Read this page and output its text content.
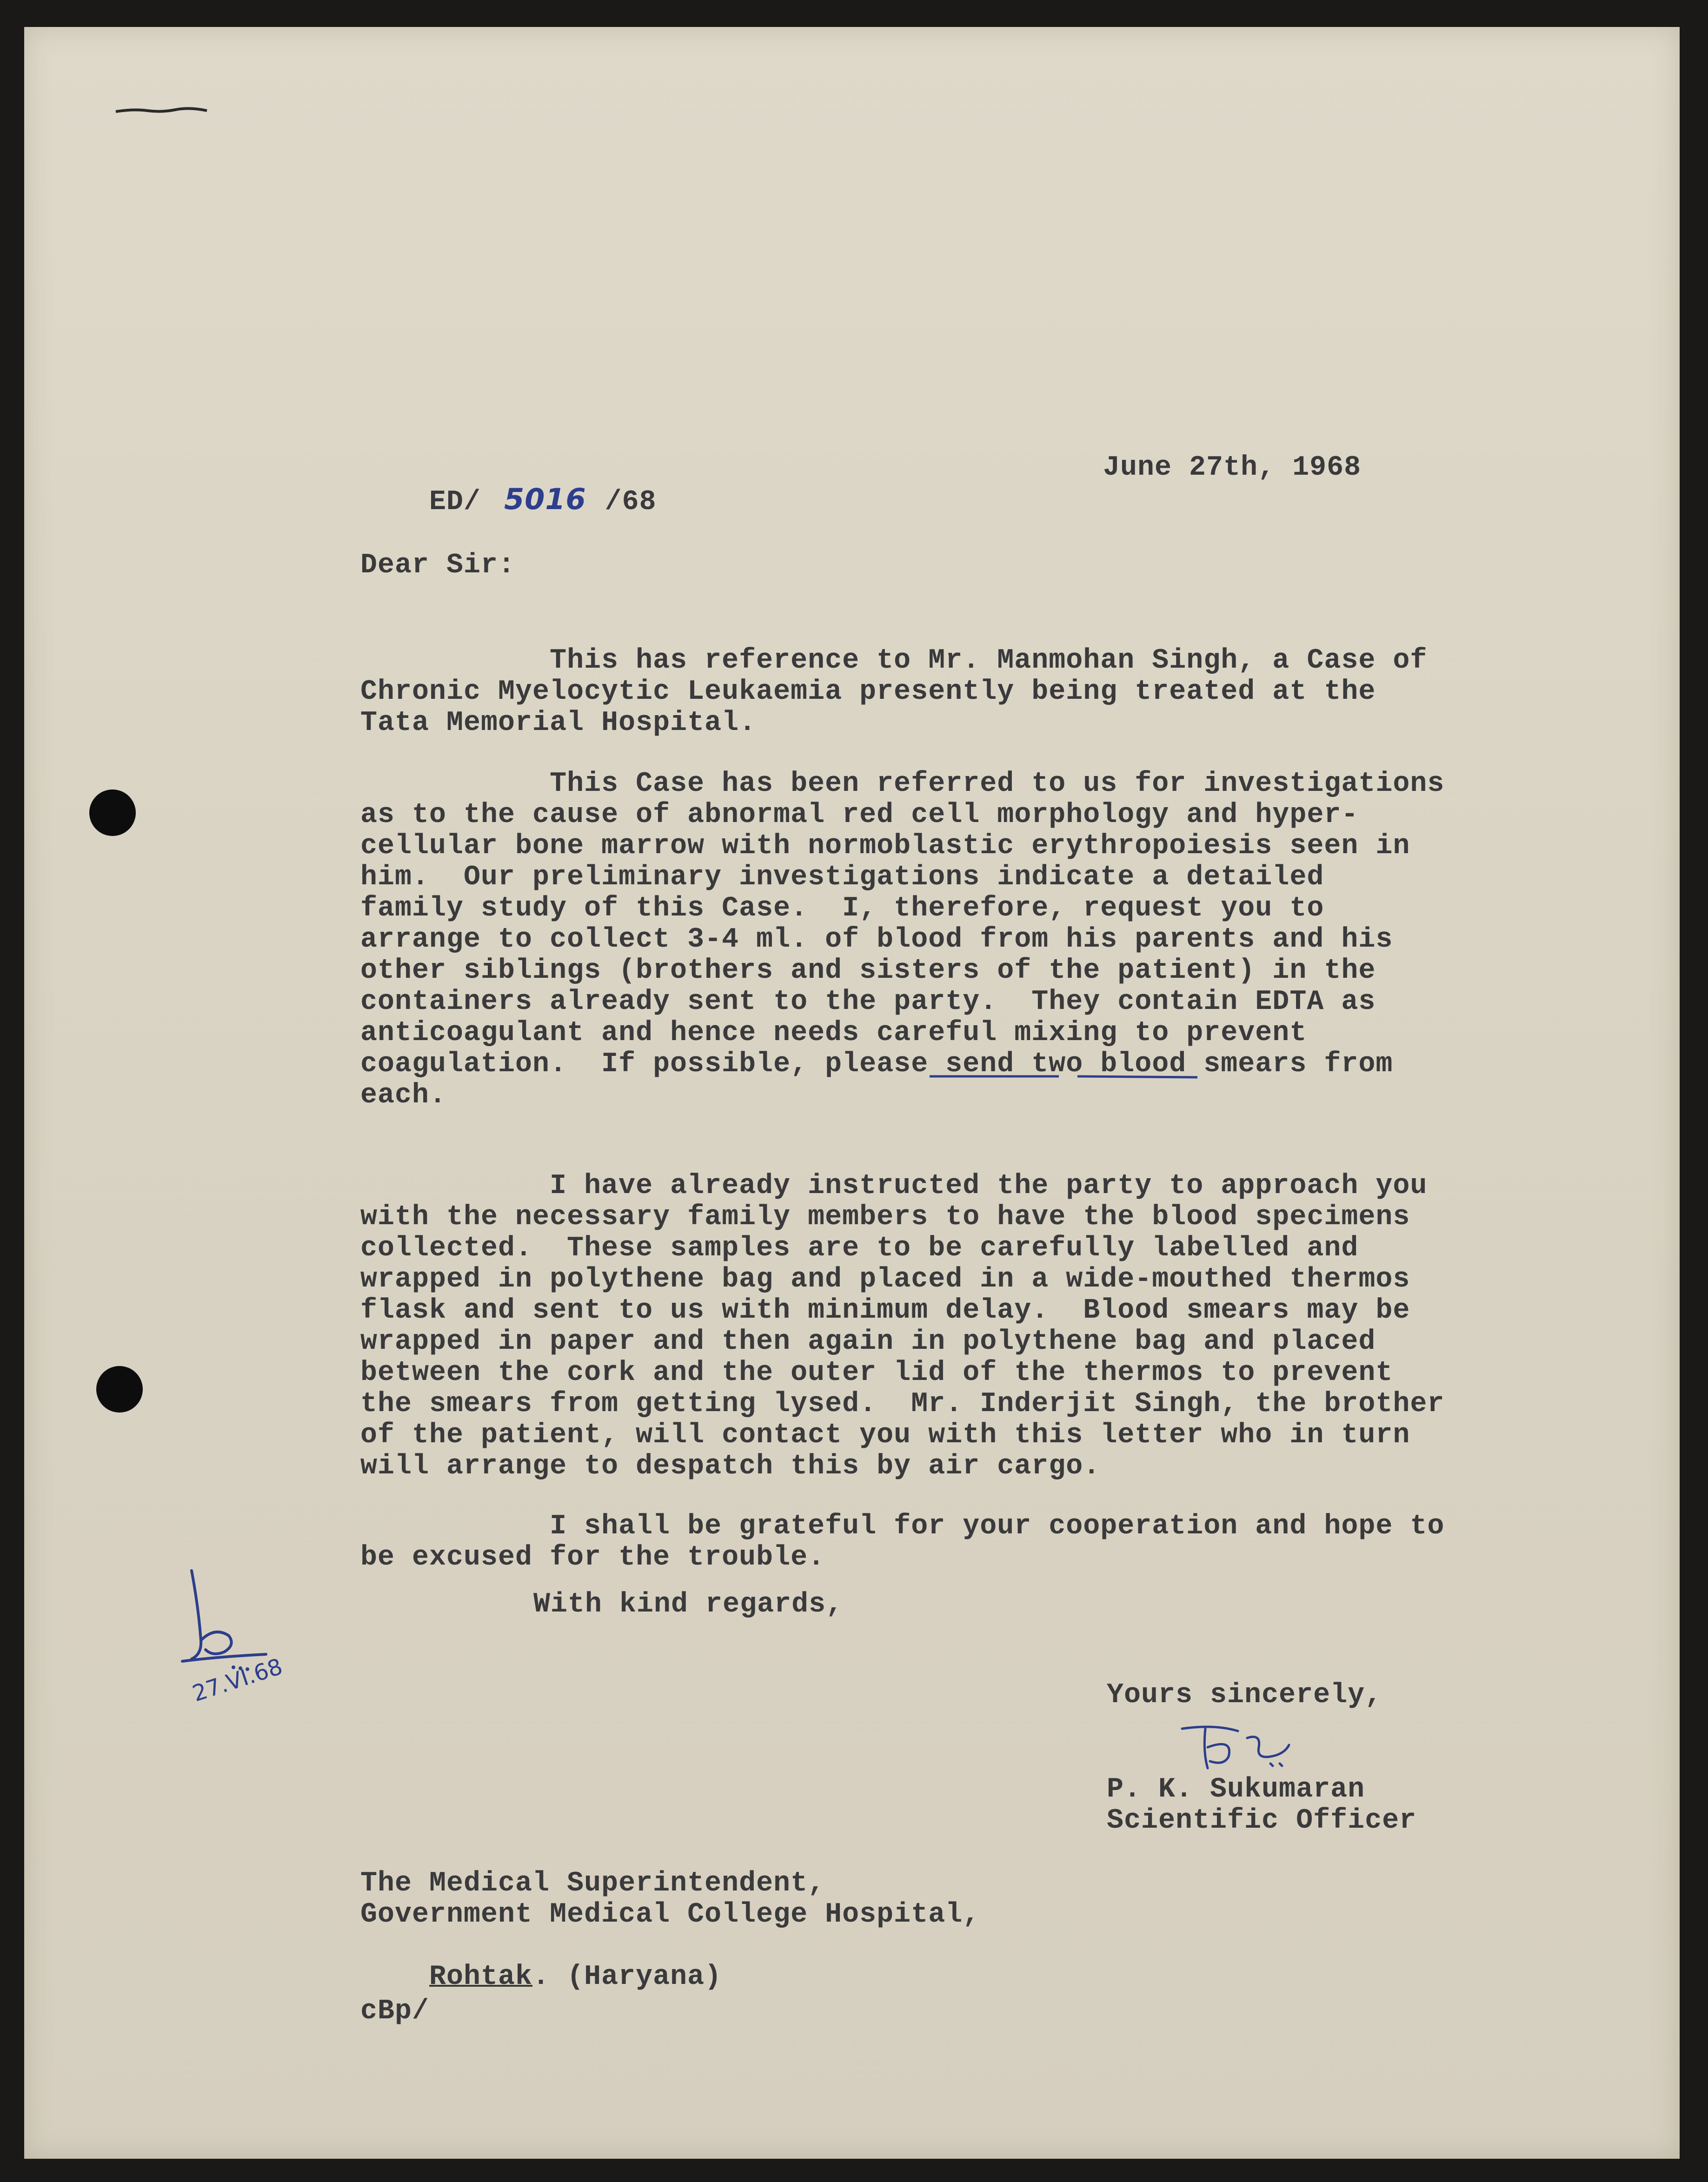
ED/ 5016 /68

June 27th, 1968
Dear Sir:
This has reference to Mr. Manmohan Singh, a Case of
Chronic Myelocytic Leukaemia presently being treated at the
Tata Memorial Hospital.
This Case has been referred to us for investigations
as to the cause of abnormal red cell morphology and hyper-
cellular bone marrow with normoblastic erythropoiesis seen in
him.  Our preliminary investigations indicate a detailed
family study of this Case.  I, therefore, request you to
arrange to collect 3-4 ml. of blood from his parents and his
other siblings (brothers and sisters of the patient) in the
containers already sent to the party.  They contain EDTA as
anticoagulant and hence needs careful mixing to prevent
coagulation.  If possible, please send two blood smears from
each.
I have already instructed the party to approach you
with the necessary family members to have the blood specimens
collected.  These samples are to be carefully labelled and
wrapped in polythene bag and placed in a wide-mouthed thermos
flask and sent to us with minimum delay.  Blood smears may be
wrapped in paper and then again in polythene bag and placed
between the cork and the outer lid of the thermos to prevent
the smears from getting lysed.  Mr. Inderjit Singh, the brother
of the patient, will contact you with this letter who in turn
will arrange to despatch this by air cargo.
I shall be grateful for your cooperation and hope to
be excused for the trouble.
With kind regards,
27.VI.68	Yours sincerely,
P. K. Sukumaran
Scientific Officer
The Medical Superintendent,
Government Medical College Hospital,

Rohtak. (Haryana)

cBp/
